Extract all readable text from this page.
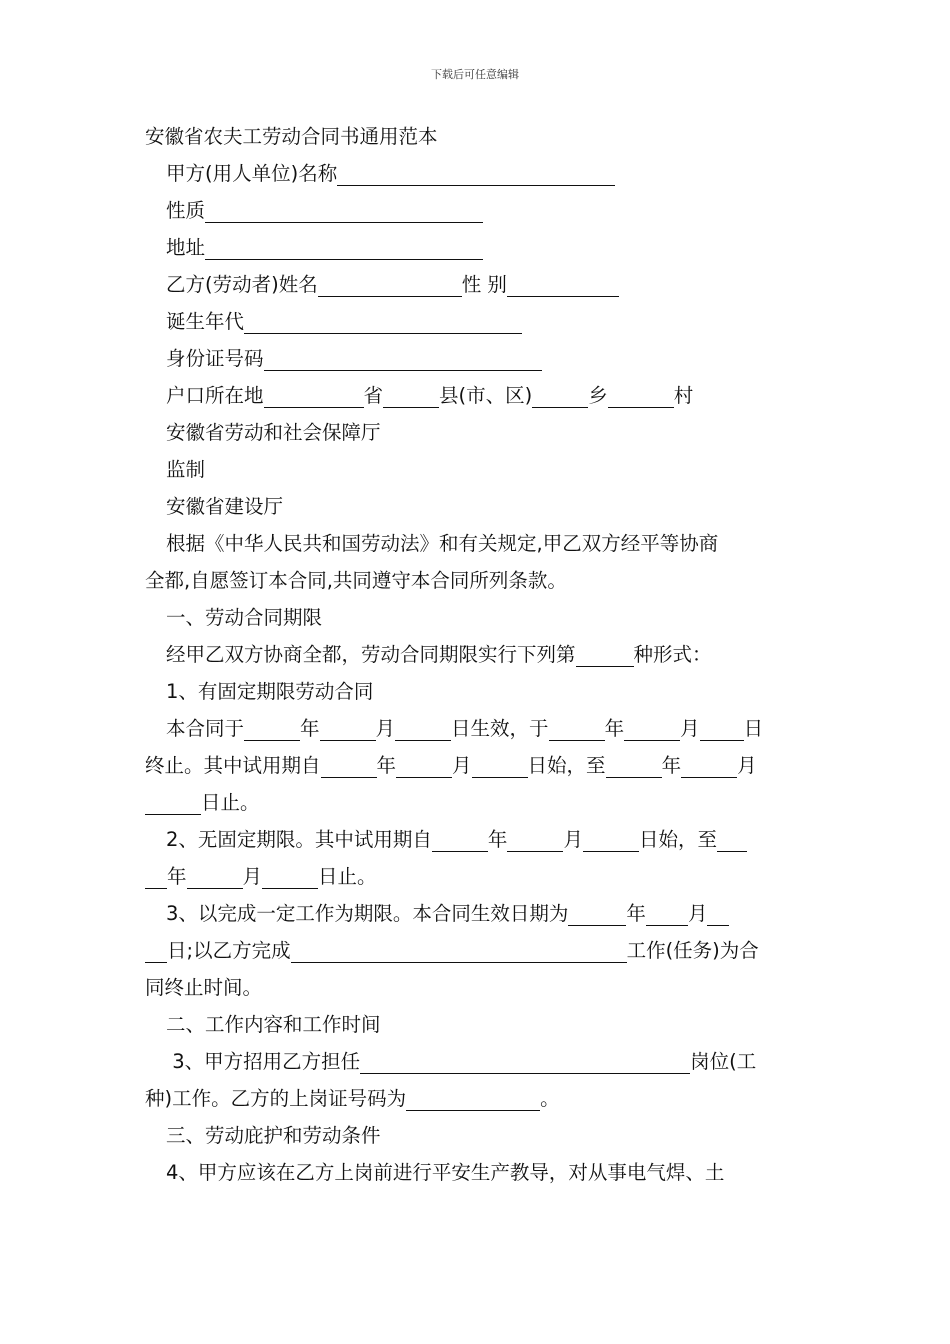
下载后可任意编辑
安徽省农夫工劳动合同书通用范本
甲方(用人单位)名称
性质
地址
乙方(劳动者)姓名	性 别
诞生年代
身份证号码
户口所在地	省	县(市、区)	乡	村
安徽省劳动和社会保障厅
监制
安徽省建设厅
根据《中华人民共和国劳动法》和有关规定,甲乙双方经平等协商
全都,自愿签订本合同,共同遵守本合同所列条款。
一、劳动合同期限
经甲乙双方协商全都，劳动合同期限实行下列第	种形式：
1、有固定期限劳动合同
本合同于	年	月	日生效，于	年	月 日
终止。其中试用期自	年	月	日始，至	年	月
日止。
2、无固定期限。其中试用期自	年	月	日始，至
年	月	日止。
3、以完成一定工作为期限。本合同生效日期为	年 月
日;以乙方完成	工作(任务)为合
同终止时间。
二、工作内容和工作时间
3、甲方招用乙方担任	岗位(工
种)工作。乙方的上岗证号码为	。
三、劳动庇护和劳动条件
4、甲方应该在乙方上岗前进行平安生产教导，对从事电气焊、土
